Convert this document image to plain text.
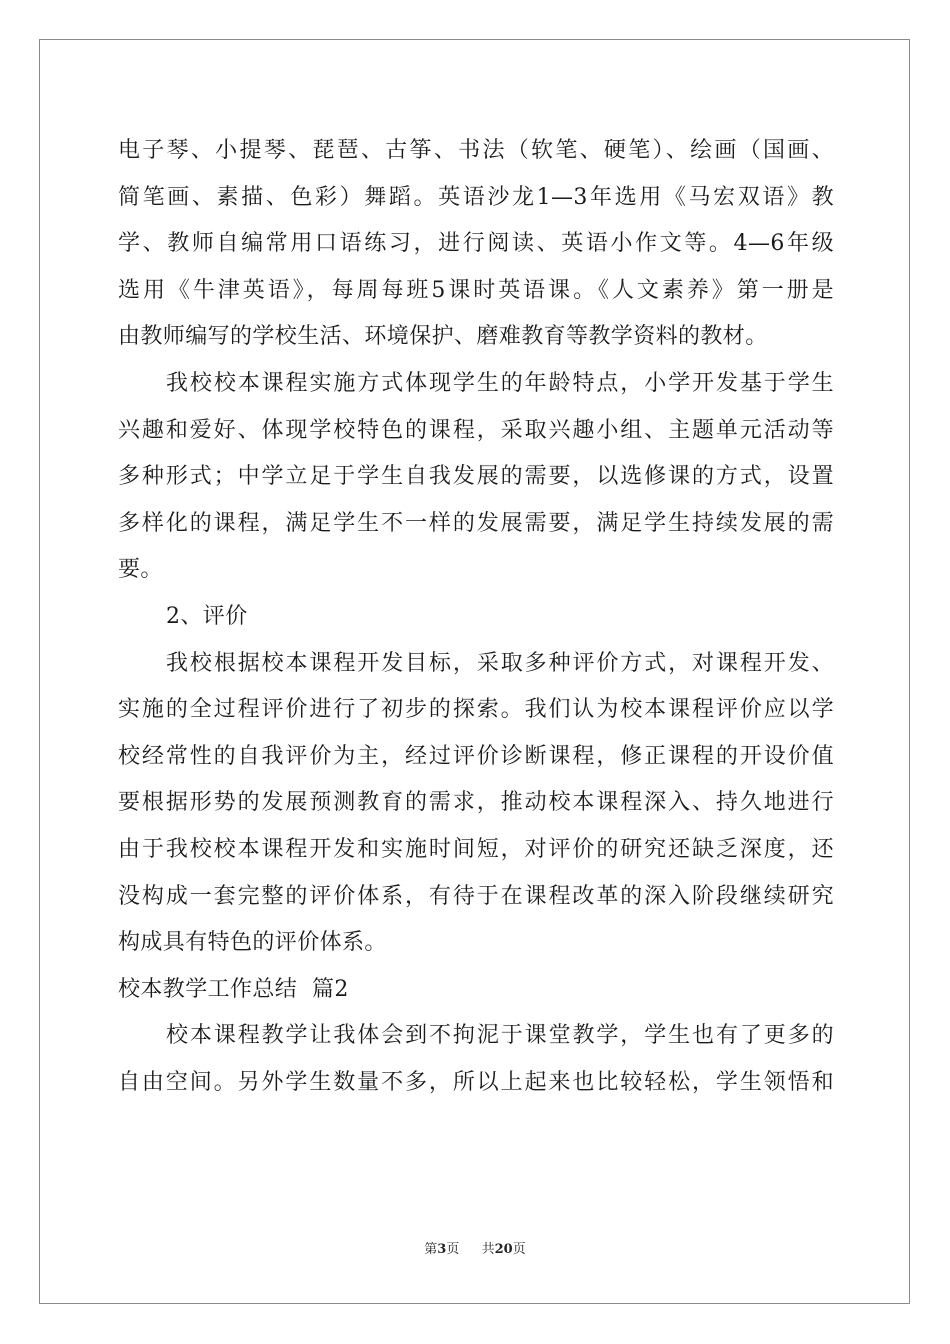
电子琴、小提琴、琵琶、古筝、书法（软笔、硬笔）、绘画（国画、
简笔画、素描、色彩）舞蹈。英语沙龙1—3年选用《马宏双语》教
学、教师自编常用口语练习，进行阅读、英语小作文等。4—6年级
选用《牛津英语》，每周每班5课时英语课。《人文素养》第一册是
由教师编写的学校生活、环境保护、磨难教育等教学资料的教材。
我校校本课程实施方式体现学生的年龄特点，小学开发基于学生
兴趣和爱好、体现学校特色的课程，采取兴趣小组、主题单元活动等
多种形式；中学立足于学生自我发展的需要，以选修课的方式，设置
多样化的课程，满足学生不一样的发展需要，满足学生持续发展的需
要。
2、评价
我校根据校本课程开发目标，采取多种评价方式，对课程开发、
实施的全过程评价进行了初步的探索。我们认为校本课程评价应以学
校经常性的自我评价为主，经过评价诊断课程，修正课程的开设价值
要根据形势的发展预测教育的需求，推动校本课程深入、持久地进行
由于我校校本课程开发和实施时间短，对评价的研究还缺乏深度，还
没构成一套完整的评价体系，有待于在课程改革的深入阶段继续研究
构成具有特色的评价体系。
校本教学工作总结  篇2
校本课程教学让我体会到不拘泥于课堂教学，学生也有了更多的
自由空间。另外学生数量不多，所以上起来也比较轻松，学生领悟和
第3页 共20页
